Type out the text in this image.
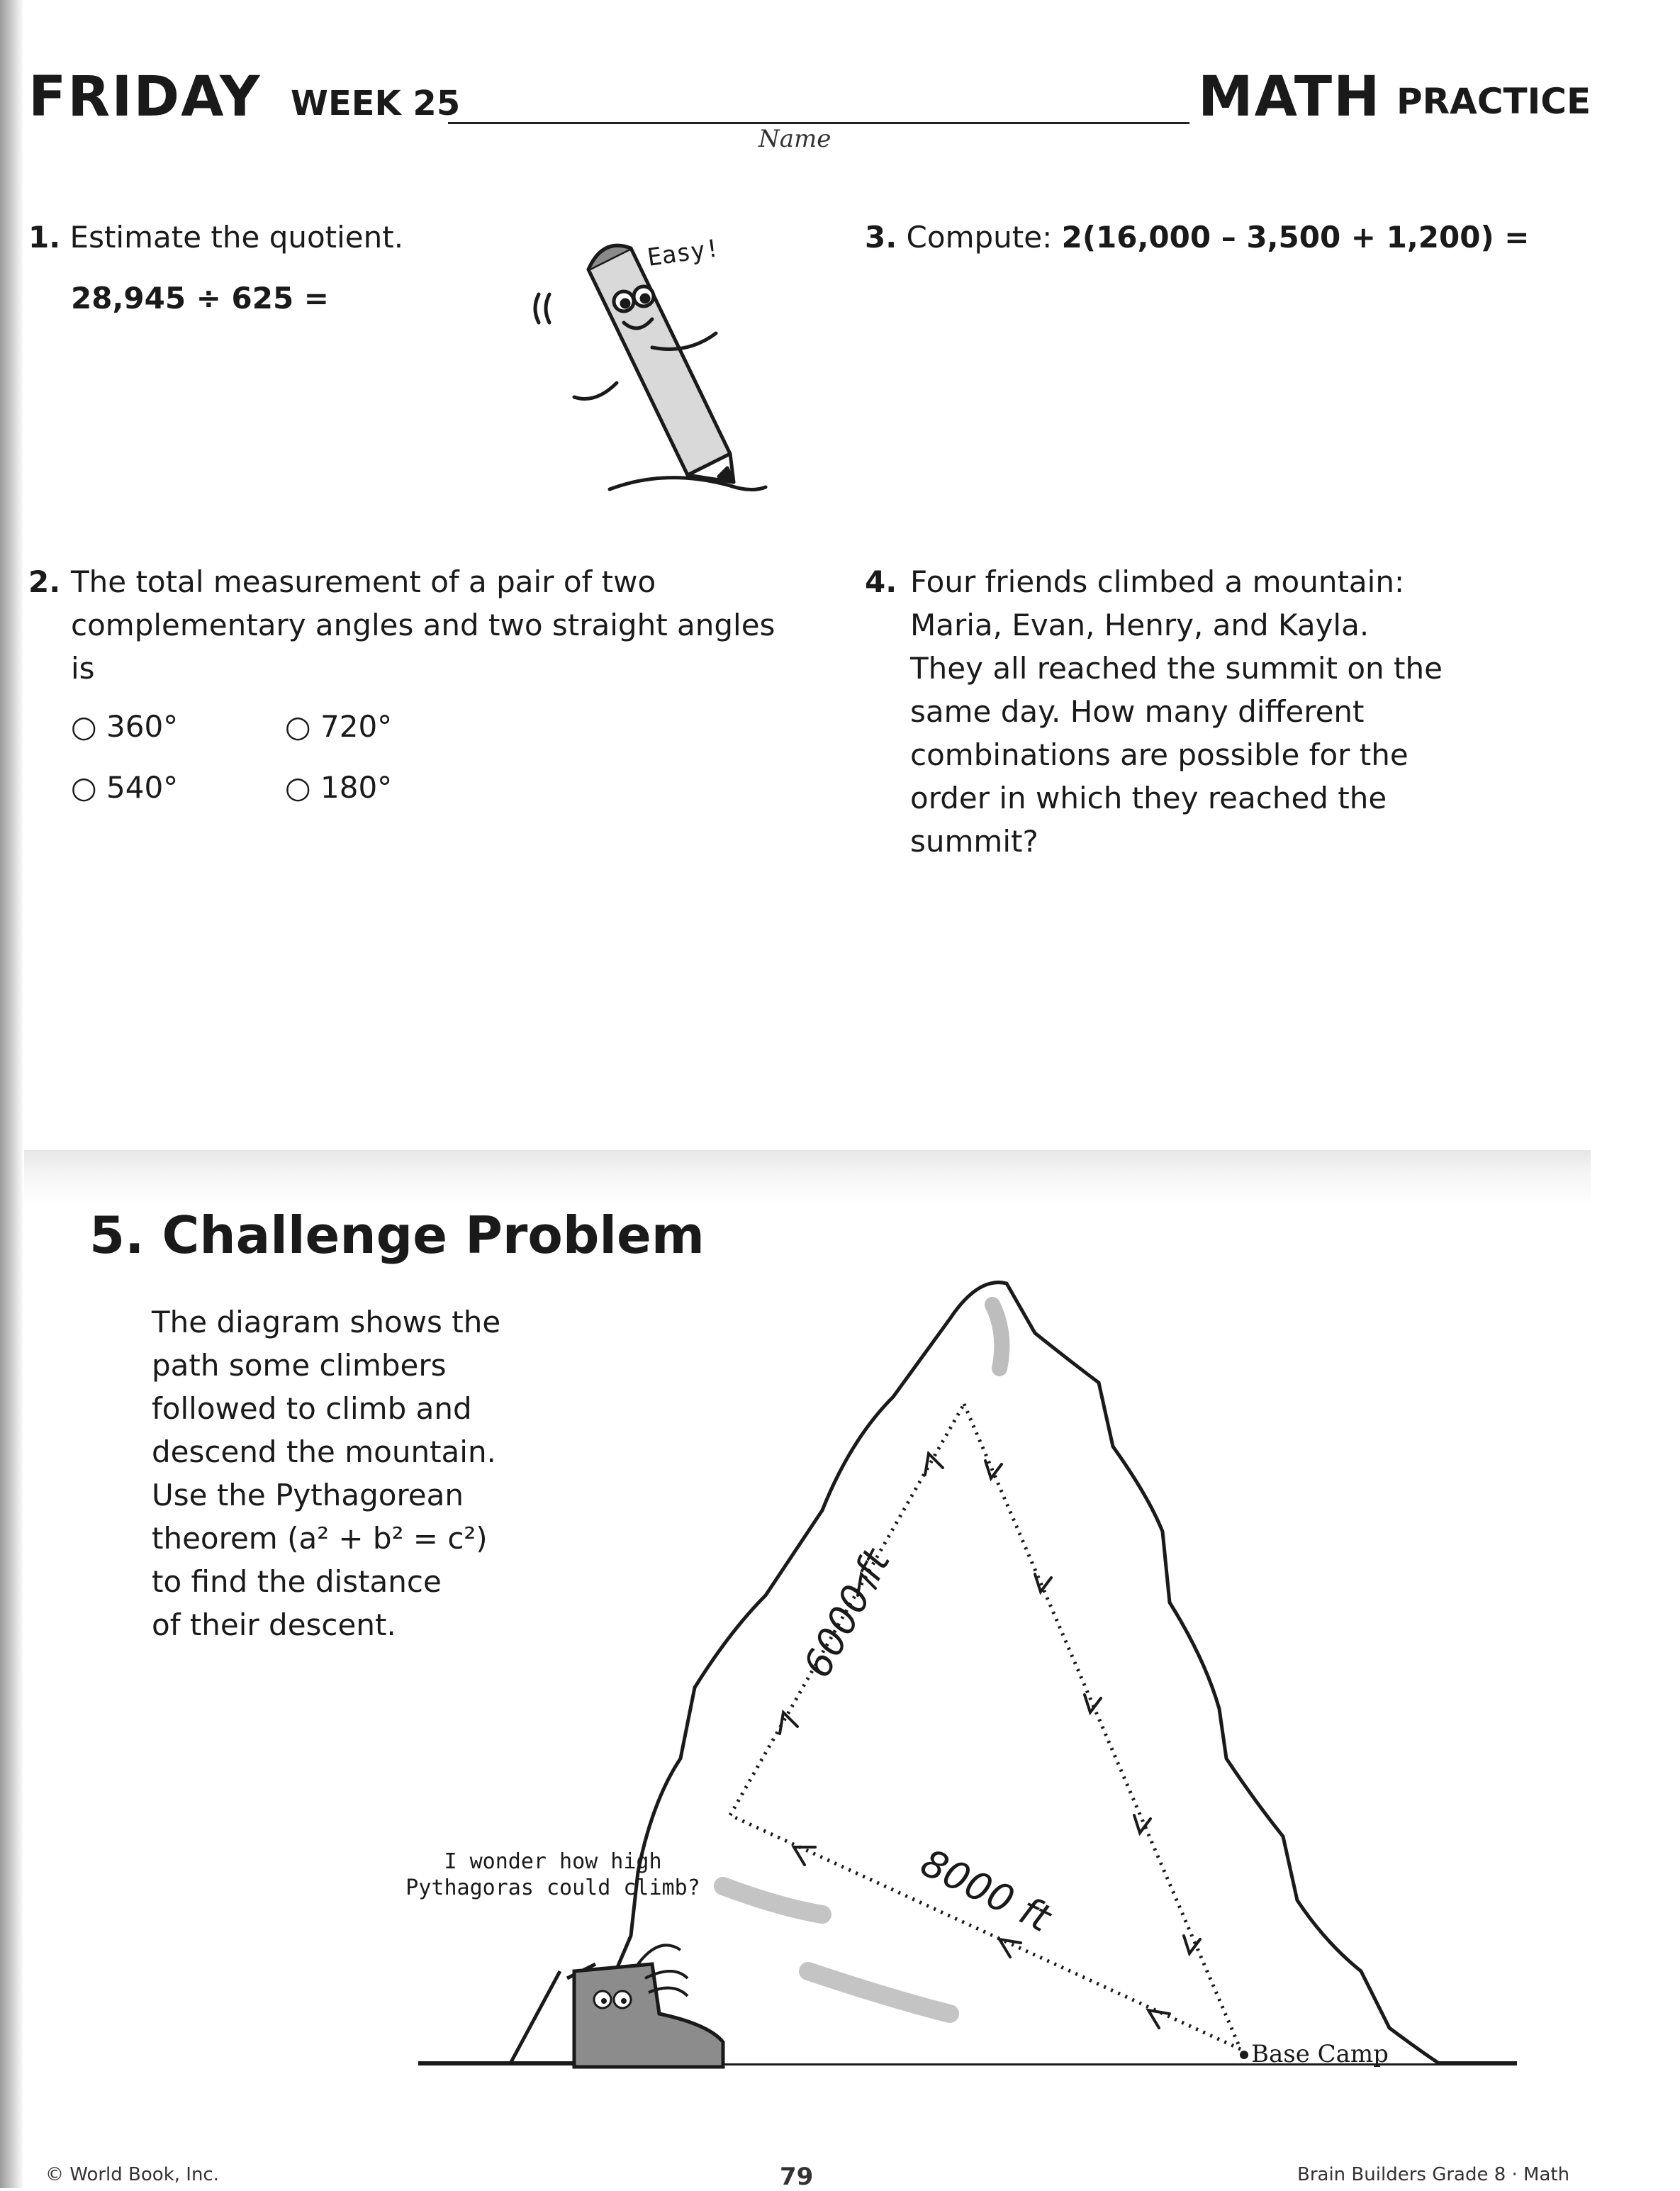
FRIDAY WEEK 25
Name
MATH PRACTICE
1. Estimate the quotient.
28,945 ÷ 625 =
Easy!
2. The total measurement of a pair of two
complementary angles and two straight angles
is
○ 360°	○ 720°
○ 540°	○ 180°
3. Compute: 2(16,000 – 3,500 + 1,200) =
4. Four friends climbed a mountain:
Maria, Evan, Henry, and Kayla.
They all reached the summit on the
same day. How many different
combinations are possible for the
order in which they reached the
summit?
5. Challenge Problem
The diagram shows the
path some climbers
followed to climb and
descend the mountain.
Use the Pythagorean
theorem (a² + b² = c²)
to find the distance
of their descent.
Base Camp
6000 ft
8000 ft
I wonder how high
Pythagoras could climb?
© World Book, Inc.	79	Brain Builders Grade 8 · Math
